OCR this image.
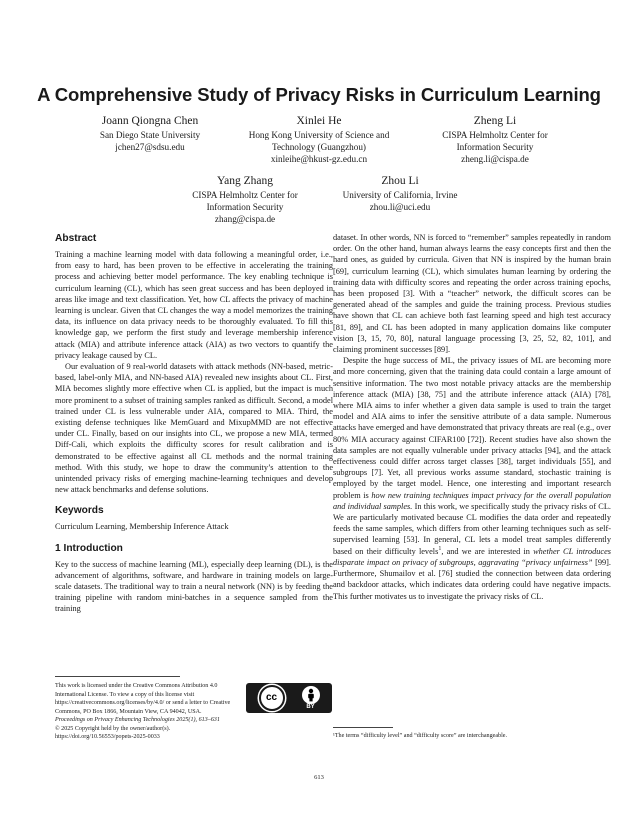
A Comprehensive Study of Privacy Risks in Curriculum Learning
Joann Qiongna Chen
San Diego State University
jchen27@sdsu.edu
Xinlei He
Hong Kong University of Science and
Technology (Guangzhou)
xinleihe@hkust-gz.edu.cn
Zheng Li
CISPA Helmholtz Center for
Information Security
zheng.li@cispa.de
Yang Zhang
CISPA Helmholtz Center for
Information Security
zhang@cispa.de
Zhou Li
University of California, Irvine
zhou.li@uci.edu
Abstract

Training a machine learning model with data following a meaningful order, i.e., from easy to hard, has been proven to be effective in accelerating the training process and achieving better model performance. The key enabling technique is curriculum learning (CL), which has seen great success and has been deployed in areas like image and text classification. Yet, how CL affects the privacy of machine learning is unclear. Given that CL changes the way a model memorizes the training data, its influence on data privacy needs to be thoroughly evaluated. To fill this knowledge gap, we perform the first study and leverage membership inference attack (MIA) and attribute inference attack (AIA) as two vectors to quantify the privacy leakage caused by CL.

Our evaluation of 9 real-world datasets with attack methods (NN-based, metric-based, label-only MIA, and NN-based AIA) revealed new insights about CL. First, MIA becomes slightly more effective when CL is applied, but the impact is much more prominent to a subset of training samples ranked as difficult. Second, a model trained under CL is less vulnerable under AIA, compared to MIA. Third, the existing defense techniques like MemGuard and MixupMMD are not effective under CL. Finally, based on our insights into CL, we propose a new MIA, termed Diff-Cali, which exploits the difficulty scores for result calibration and is demonstrated to be effective against all CL methods and the normal training method. With this study, we hope to draw the community’s attention to the unintended privacy risks of emerging machine-learning techniques and develop new attack benchmarks and defense solutions.

Keywords

Curriculum Learning, Membership Inference Attack

1 Introduction

Key to the success of machine learning (ML), especially deep learning (DL), is the advancement of algorithms, software, and hardware in training models on large-scale datasets. The traditional way to train a neural network (NN) is by feeding the training pipeline with random mini-batches in a sequence sampled from the training

dataset. In other words, NN is forced to “remember” samples repeatedly in random order. On the other hand, human always learns the easy concepts first and then the hard ones, as guided by curricula. Given that NN is inspired by the human brain [69], curriculum learning (CL), which simulates human learning by ordering the training data with difficulty scores and repeating the order across training epochs, has been proposed [3]. With a “teacher” network, the difficult scores can be generated ahead of the samples and guide the training process. Previous studies have shown that CL can achieve both fast learning speed and high test accuracy [81, 89], and CL has been adopted in many application domains like computer vision [3, 15, 70, 80], natural language processing [3, 25, 52, 82, 101], and claiming prominent successes [89].

Despite the huge success of ML, the privacy issues of ML are becoming more and more concerning, given that the training data could contain a large amount of sensitive information. The two most notable privacy attacks are the membership inference attack (MIA) [38, 75] and the attribute inference attack (AIA) [78], where MIA aims to infer whether a given data sample is used to train the target model and AIA aims to infer the sensitive attribute of a data sample. Numerous attacks have emerged and have demonstrated that privacy threats are real (e.g., over 80% MIA accuracy against CIFAR100 [72]). Recent studies have also shown the data samples are not equally vulnerable under privacy attacks [94], and the attack effectiveness could differ across target classes [38], target individuals [55], and subgroups [7]. Yet, all previous works assume standard, stochastic training is employed by the target model. Hence, one interesting and important research problem is how new training techniques impact privacy for the overall population and individual samples. In this work, we specifically study the privacy risks of CL. We are particularly motivated because CL modifies the data order and repeatedly feeds the same samples, which differs from other learning techniques such as self-supervised learning [53]. In general, CL lets a model treat samples differently based on their difficulty levels$^1$, and we are interested in whether CL introduces disparate impact on privacy of subgroups, aggravating “privacy unfairness” [99]. Furthermore, Shumailov et al. [76] studied the connection between data ordering and backdoor attacks, which indicates data ordering could have negative impacts. This further motivates us to investigate the privacy risks of CL.

This work is licensed under the Creative Commons Attribution 4.0 International License. To view a copy of this license visit https://creativecommons.org/licenses/by/4.0/ or send a letter to Creative Commons, PO Box 1866, Mountain View, CA 94042, USA.
Proceedings on Privacy Enhancing Technologies 2025(1), 613–631
© 2025 Copyright held by the owner/author(s).
https://doi.org/10.56553/popets-2025-0033
cc
BY
¹The terms “difficulty level” and “difficulty score” are interchangeable.
613
